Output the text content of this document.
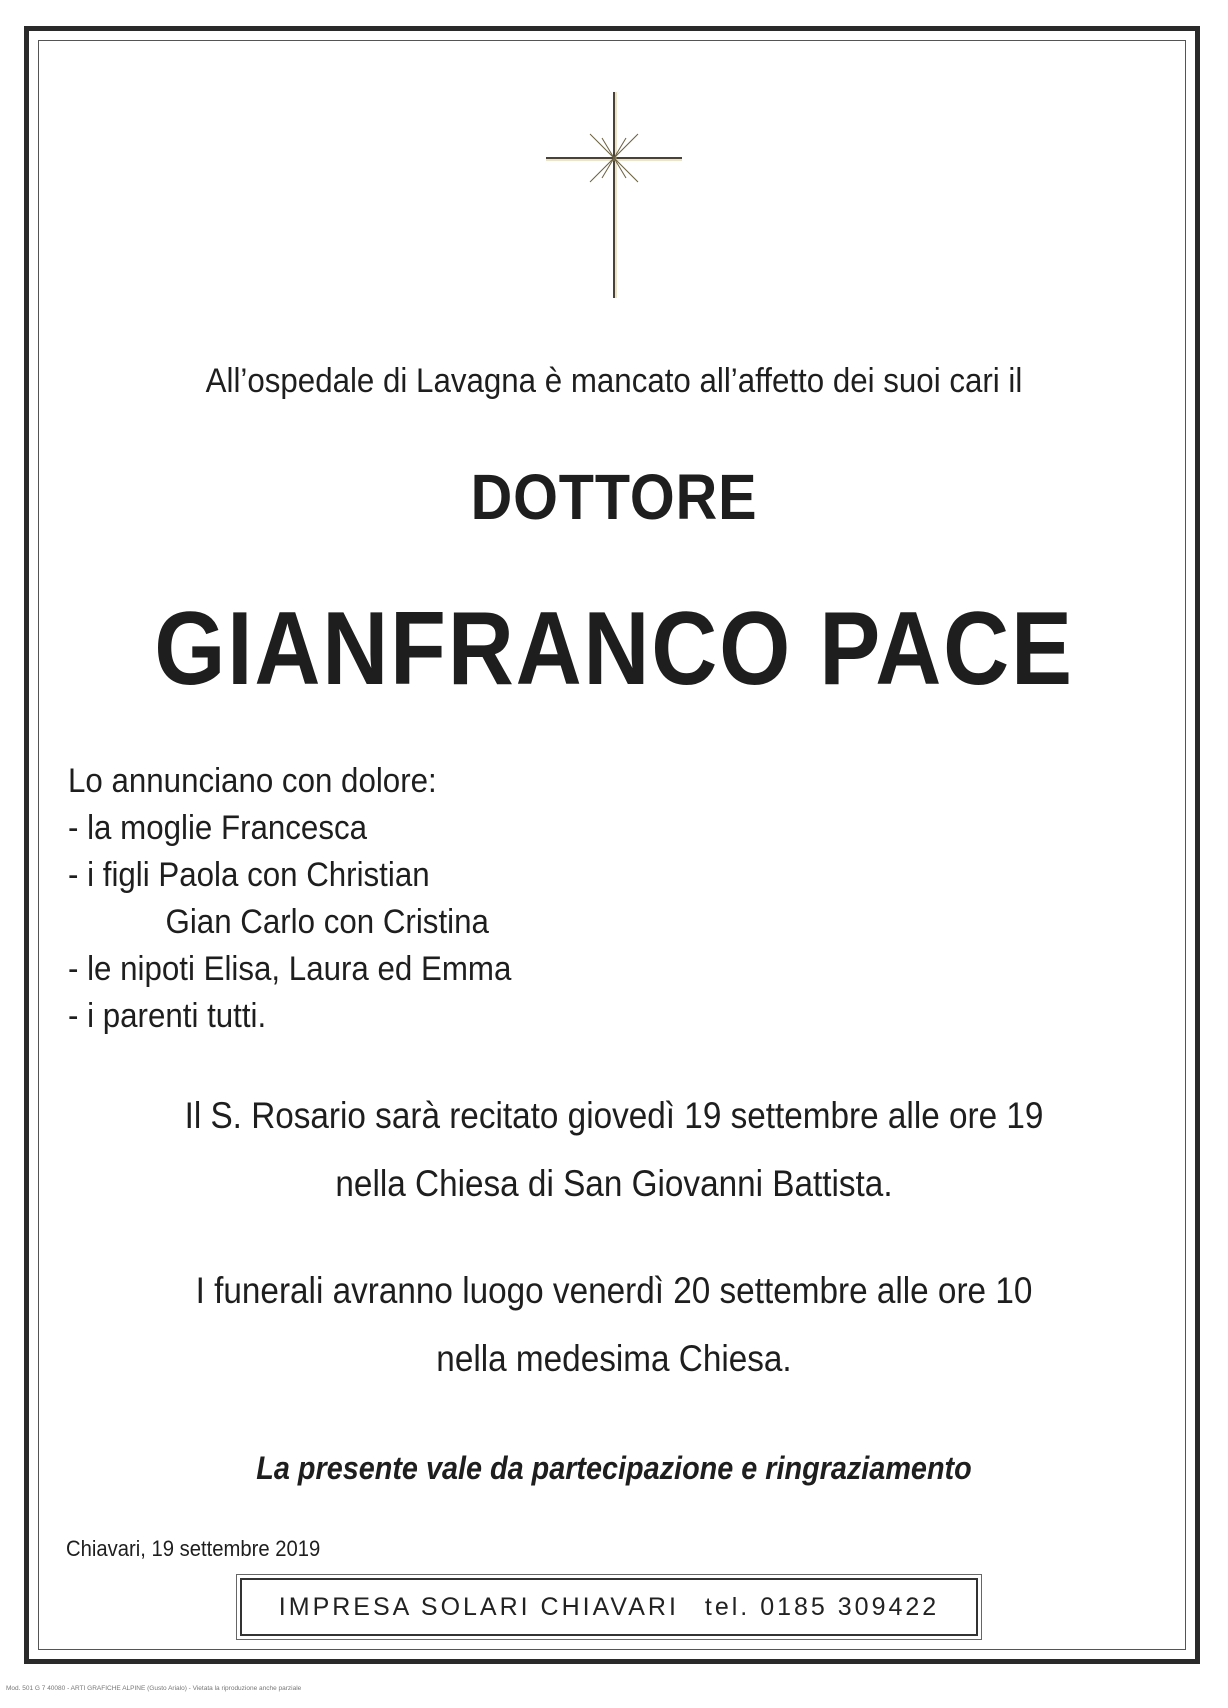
All’ospedale di Lavagna è mancato all’affetto dei suoi cari il
DOTTORE
GIANFRANCO PACE
Lo annunciano con dolore:
- la moglie Francesca
- i figli Paola con Christian
Gian Carlo con Cristina
- le nipoti Elisa, Laura ed Emma
- i parenti tutti.
Il S. Rosario sarà recitato giovedì 19 settembre alle ore 19
nella Chiesa di San Giovanni Battista.
I funerali avranno luogo venerdì 20 settembre alle ore 10
nella medesima Chiesa.
La presente vale da partecipazione e ringraziamento
Chiavari, 19 settembre 2019
IMPRESA SOLARI CHIAVARI tel. 0185 309422
Mod. 501 G 7 40080 - ARTI GRAFICHE ALPINE (Gusto Arialo) - Vietata la riproduzione anche parziale
